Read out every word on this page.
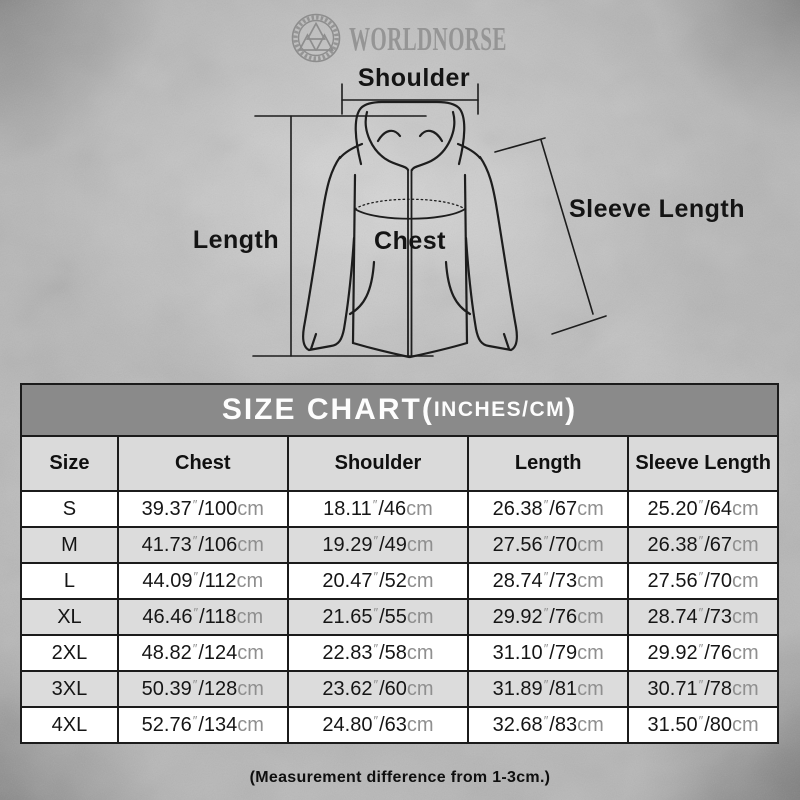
WORLDNORSE
Shoulder
Length	Chest
Sleeve Length
SIZE CHART( INCHES/CM )
Size	Chest	Shoulder	Length	Sleeve Length
S	39.37″/100cm	18.11″/46cm	26.38″/67cm	25.20″/64cm
M	41.73″/106cm	19.29″/49cm	27.56″/70cm	26.38″/67cm
L	44.09″/112cm	20.47″/52cm	28.74″/73cm	27.56″/70cm
XL	46.46″/118cm	21.65″/55cm	29.92″/76cm	28.74″/73cm
2XL	48.82″/124cm	22.83″/58cm	31.10″/79cm	29.92″/76cm
3XL	50.39″/128cm	23.62″/60cm	31.89″/81cm	30.71″/78cm
4XL	52.76″/134cm	24.80″/63cm	32.68″/83cm	31.50″/80cm
(Measurement difference from 1-3cm.)
